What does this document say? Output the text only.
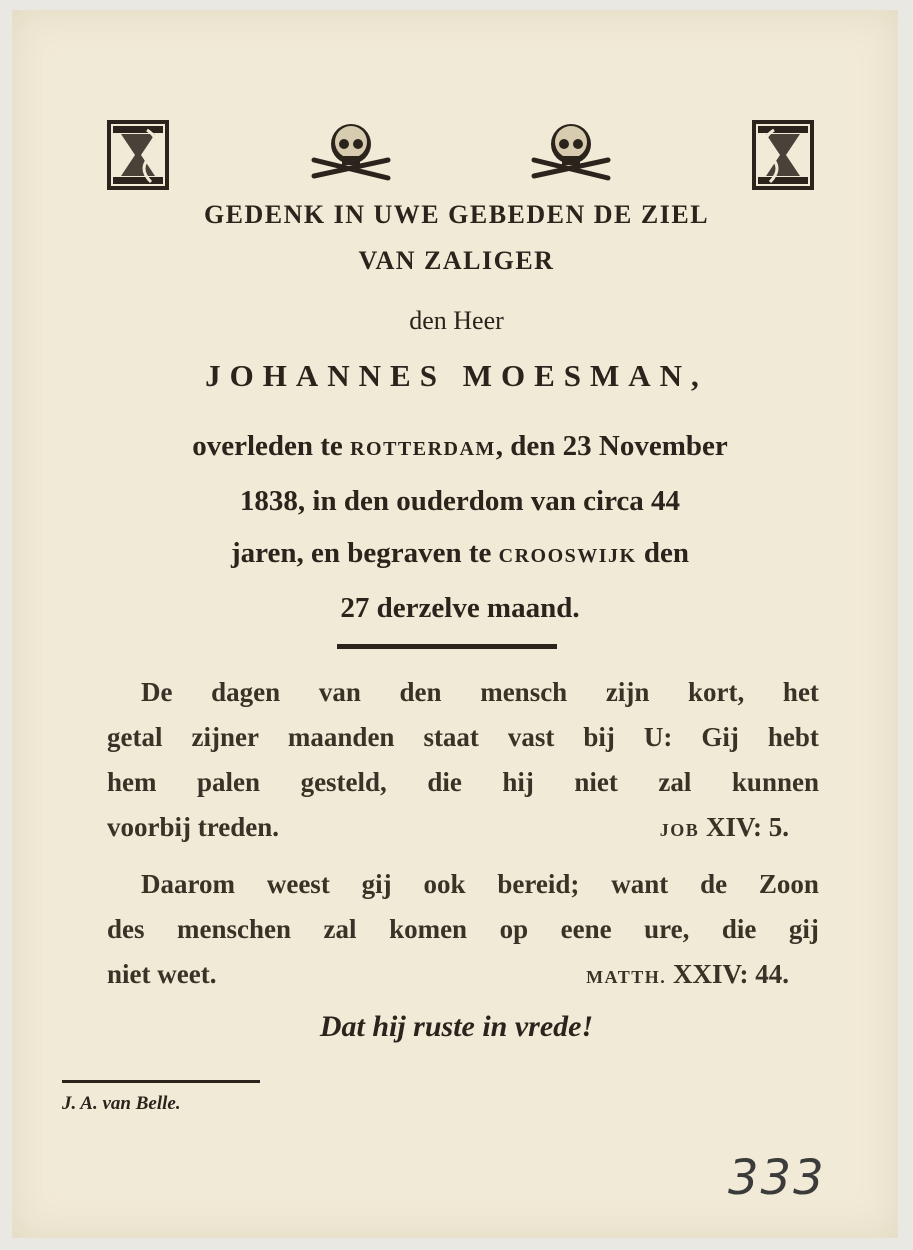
GEDENK IN UWE GEBEDEN DE ZIEL
VAN ZALIGER
den Heer
JOHANNES MOESMAN,
overleden te ROTTERDAM, den 23 November
1838, in den ouderdom van circa 44
jaren, en begraven te CROOSWIJK den
27 derzelve maand.
De dagen van den mensch zijn kort, het
getal zijner maanden staat vast bij U: Gij hebt
hem palen gesteld, die hij niet zal kunnen
voorbij treden.	JOB XIV: 5.
Daarom weest gij ook bereid; want de Zoon
des menschen zal komen op eene ure, die gij
niet weet.	MATTH. XXIV: 44.
Dat hij ruste in vrede!
J. A. van Belle.
333
